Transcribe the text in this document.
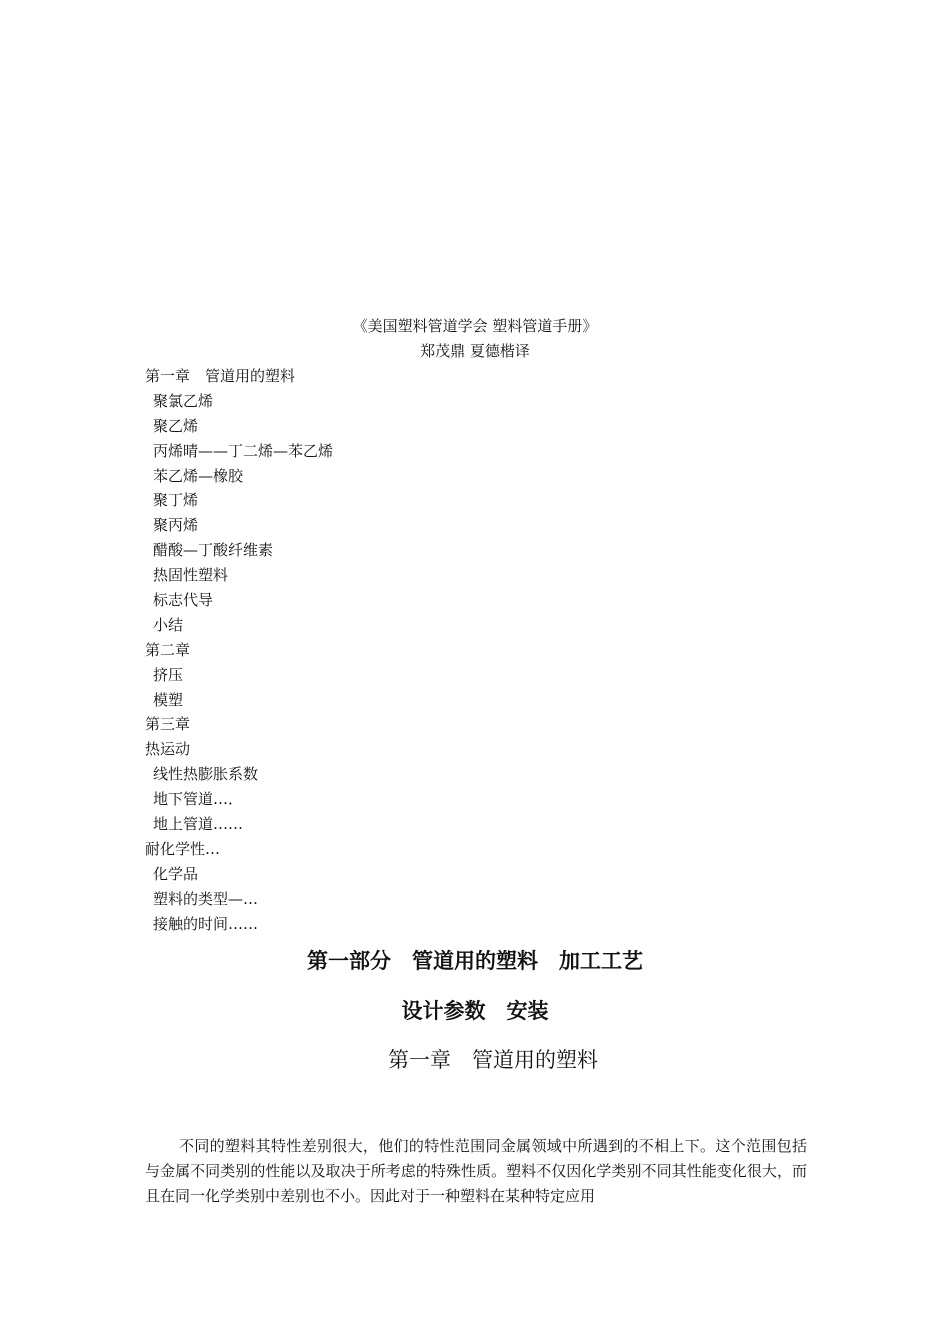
《美国塑料管道学会 塑料管道手册》
郑茂鼎 夏德楷译
第一章　管道用的塑料
聚氯乙烯
聚乙烯
丙烯晴——丁二烯—苯乙烯
苯乙烯—橡胶
聚丁烯
聚丙烯
醋酸—丁酸纤维素
热固性塑料
标志代导
小结
第二章
挤压
模塑
第三章
热运动
线性热膨胀系数
地下管道…．
地上管道……
耐化学性…
化学品
塑料的类型—…
接触的时间……
第一部分　管道用的塑料　加工工艺
设计参数　安装
第一章　管道用的塑料
不同的塑料其特性差别很大，他们的特性范围同金属领域中所遇到的不相上下。这个范围包括与金属不同类别的性能以及取决于所考虑的特殊性质。塑料不仅因化学类别不同其性能变化很大，而且在同一化学类别中差别也不小。因此对于一种塑料在某种特定应用
